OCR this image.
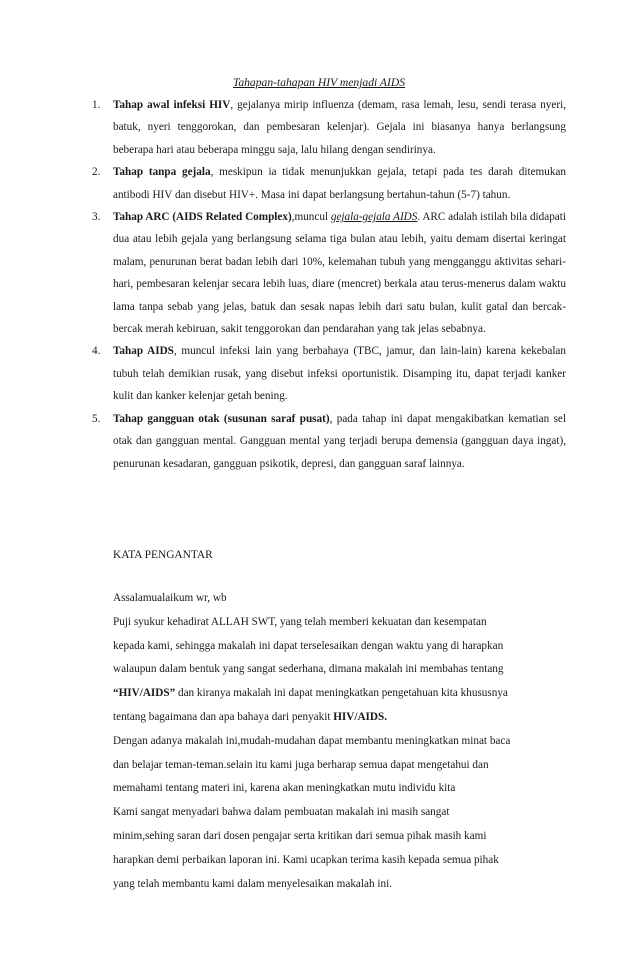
Tahapan-tahapan HIV menjadi AIDS

1. Tahap awal infeksi HIV, gejalanya mirip influenza (demam, rasa lemah, lesu, sendi terasa nyeri, batuk, nyeri tenggorokan, dan pembesaran kelenjar). Gejala ini biasanya hanya berlangsung beberapa hari atau beberapa minggu saja, lalu hilang dengan sendirinya.

2. Tahap tanpa gejala, meskipun ia tidak menunjukkan gejala, tetapi pada tes darah ditemukan antibodi HIV dan disebut HIV+. Masa ini dapat berlangsung bertahun-tahun (5-7) tahun.

3. Tahap ARC (AIDS Related Complex),muncul gejala-gejala AIDS. ARC adalah istilah bila didapati dua atau lebih gejala yang berlangsung selama tiga bulan atau lebih, yaitu demam disertai keringat malam, penurunan berat badan lebih dari 10%, kelemahan tubuh yang mengganggu aktivitas sehari-hari, pembesaran kelenjar secara lebih luas, diare (mencret) berkala atau terus-menerus dalam waktu lama tanpa sebab yang jelas, batuk dan sesak napas lebih dari satu bulan, kulit gatal dan bercak-bercak merah kebiruan, sakit tenggorokan dan pendarahan yang tak jelas sebabnya.

4. Tahap AIDS, muncul infeksi lain yang berbahaya (TBC, jamur, dan lain-lain) karena kekebalan tubuh telah demikian rusak, yang disebut infeksi oportunistik. Disamping itu, dapat terjadi kanker kulit dan kanker kelenjar getah bening.

5. Tahap gangguan otak (susunan saraf pusat), pada tahap ini dapat mengakibatkan kematian sel otak dan gangguan mental. Gangguan mental yang terjadi berupa demensia (gangguan daya ingat), penurunan kesadaran, gangguan psikotik, depresi, dan gangguan saraf lainnya.

KATA PENGANTAR
Assalamualaikum wr, wb
Puji syukur kehadirat ALLAH SWT, yang telah memberi kekuatan dan kesempatan
kepada kami, sehingga makalah ini dapat terselesaikan dengan waktu yang di harapkan
walaupun dalam bentuk yang sangat sederhana, dimana makalah ini membahas tentang
“HIV/AIDS” dan kiranya makalah ini dapat meningkatkan pengetahuan kita khususnya
tentang bagaimana dan apa bahaya dari penyakit HIV/AIDS.
Dengan adanya makalah ini,mudah-mudahan dapat membantu meningkatkan minat baca
dan belajar teman-teman.selain itu kami juga berharap semua dapat mengetahui dan
memahami tentang materi ini, karena akan meningkatkan mutu individu kita
Kami sangat menyadari bahwa dalam pembuatan makalah ini masih sangat
minim,sehing saran dari dosen pengajar serta kritikan dari semua pihak masih kami
harapkan demi perbaikan laporan ini. Kami ucapkan terima kasih kepada semua pihak
yang telah membantu kami dalam menyelesaikan makalah ini.
